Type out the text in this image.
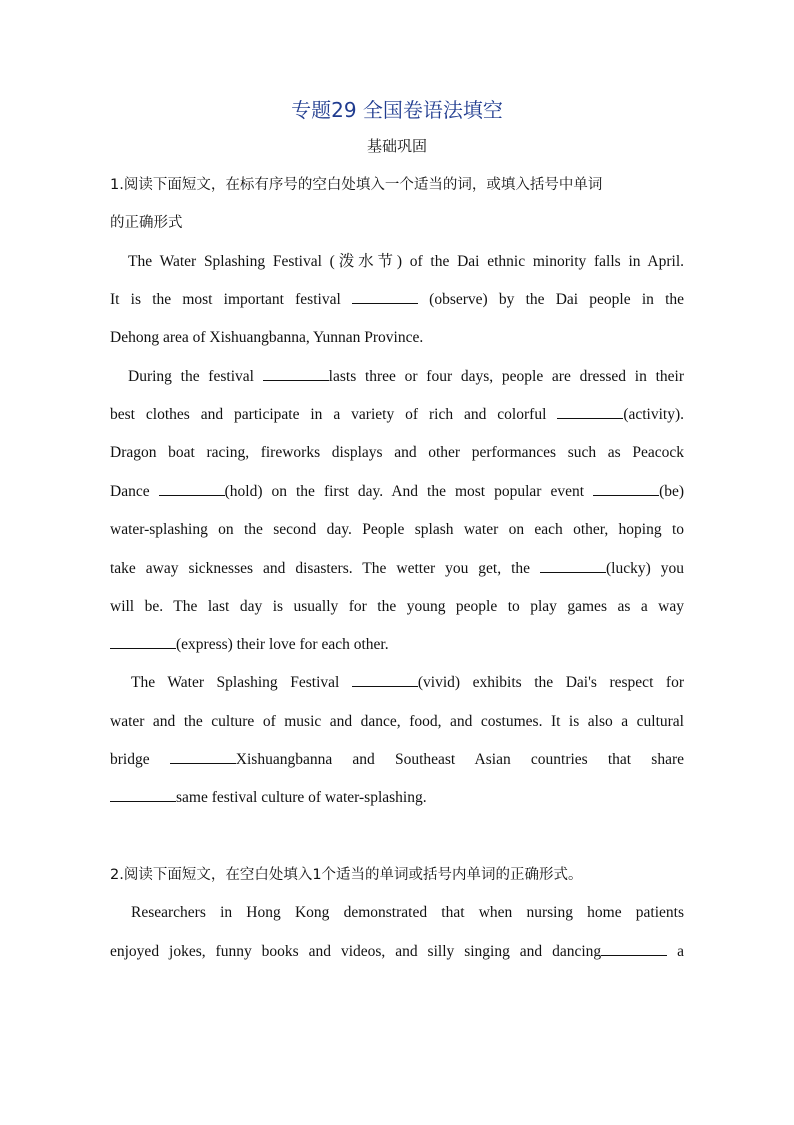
专题29 全国卷语法填空
基础巩固
1.阅读下面短文，在标有序号的空白处填入一个适当的词，或填入括号中单词
的正确形式
The Water Splashing Festival (泼水节) of the Dai ethnic minority falls in April.
It is the most important festival	(observe) by the Dai people in the
Dehong area of Xishuangbanna, Yunnan Province.
During the festival	lasts three or four days, people are dressed in their
best clothes and participate in a variety of rich and colorful	(activity).
Dragon boat racing, fireworks displays and other performances such as Peacock
Dance	(hold) on the first day. And the most popular event	(be)
water-splashing on the second day. People splash water on each other, hoping to
take away sicknesses and disasters. The wetter you get, the	(lucky) you
will be. The last day is usually for the young people to play games as a way
(express) their love for each other.
The Water Splashing Festival	(vivid) exhibits the Dai's respect for
water and the culture of music and dance, food, and costumes. It is also a cultural
bridge	Xishuangbanna and Southeast Asian countries that share
same festival culture of water-splashing.
2.阅读下面短文，在空白处填入1个适当的单词或括号内单词的正确形式。
Researchers in Hong Kong demonstrated that when nursing home patients
enjoyed jokes, funny books and videos, and silly singing and dancing	a
